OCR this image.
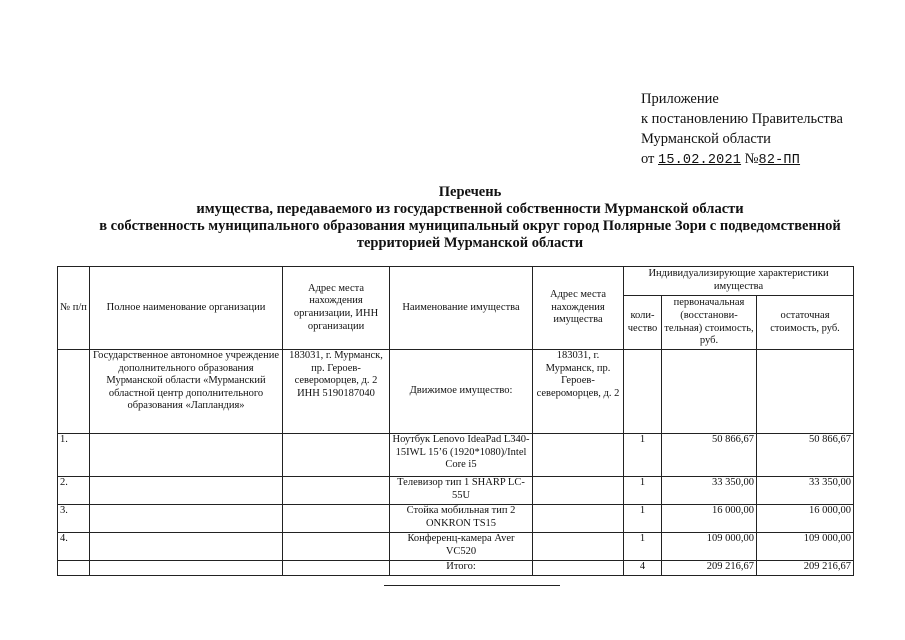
Приложение
к постановлению Правительства
Мурманской области
от 15.02.2021 №82-ПП
Перечень
имущества, передаваемого из государственной собственности Мурманской области
в собственность муниципального образования муниципальный округ город Полярные Зори с подведомственной
территорией Мурманской области
№ п/п	Полное наименование организации	Адрес места нахождения организации, ИНН организации	Наименование имущества	Адрес места нахождения имущества	Индивидуализирующие характеристики имущества		
					коли-чество	первоначальная (восстанови-тельная) стоимость, руб.	остаточная стоимость, руб.
	Государственное автономное учреждение дополнительного образования Мурманской области «Мурманский областной центр дополнительного образования «Лапландия»	183031, г. Мурманск, пр. Героев-североморцев, д. 2 ИНН 5190187040	Движимое имущество:	183031, г. Мурманск, пр. Героев-североморцев, д. 2			
1.			Ноутбук Lenovo IdeaPad L340-15IWL 15’6 (1920*1080)/Intel Core i5		1	50 866,67	50 866,67
2.			Телевизор тип 1 SHARP LC-55U		1	33 350,00	33 350,00
3.			Стойка мобильная тип 2 ONKRON TS15		1	16 000,00	16 000,00
4.			Конференц-камера Aver VC520		1	109 000,00	109 000,00
			Итого:		4	209 216,67	209 216,67
